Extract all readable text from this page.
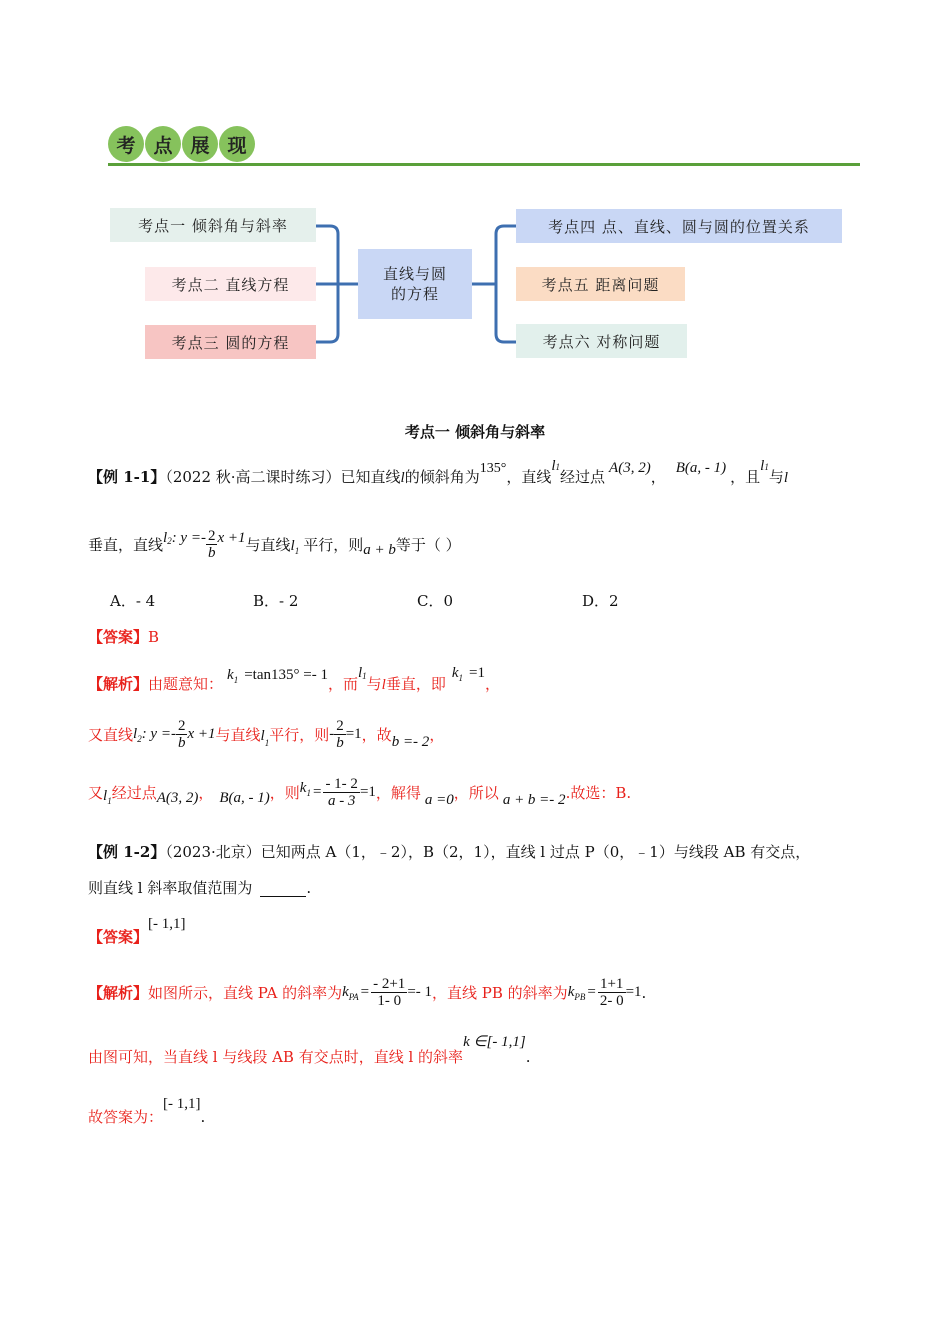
考 点 展 现
考点一 倾斜角与斜率
考点二 直线方程
考点三 圆的方程
直线与圆
的方程
考点四 点、直线、圆与圆的位置关系
考点五 距离问题
考点六 对称问题
考点一 倾斜角与斜率
【例 1-1】（2022 秋·高二课时练习）已知直线l的倾斜角为135°，直线$l^1$经过点 A(3, 2)， B(a, - 1) ，且$l^1$与l
垂直，直线 l 2 : $y =- \frac{2}{b}$ x +1 与直线 l 1 平行，则 a + b 等于（ ）
A．- 4	B．- 2	C．0	D．2
【答案】B
【解析】由题意知： $k^1 =\tan 135^\circ =- 1$，而$l^1$与l垂直，即$k^1 =1$，
又直线 l 2 : $y =- \frac{2}{b}$ x +1 与直线 l 1 平行，则 - $\frac{2}{b} =1$ ，故 b =- 2 ，
又 l 1 经过点 A(3, 2) ， B(a, - 1) ，则 k $1 = \frac{- 1- 2}{a - 3} =1$ ，解得 a =0 ，所以 a + b =- 2 .故选：B.
【例 1-2】（2023·北京）已知两点 A（1，﹣2），B（2，1），直线 l 过点 P（0，﹣1）与线段 AB 有交点，
则直线 l 斜率取值范围为	.
【答案】[- 1,1]
【解析】 如图所示，直线 PA 的斜率为 k PA = $\frac{- 2+1}{1- 0} =- 1$ ，直线 PB 的斜率为 k PB = $\frac{1+1}{2- 0} =1$ .
由图可知，当直线 l 与线段 AB 有交点时，直线 l 的斜率k ∈[- 1,1].
故答案为：[- 1,1].
